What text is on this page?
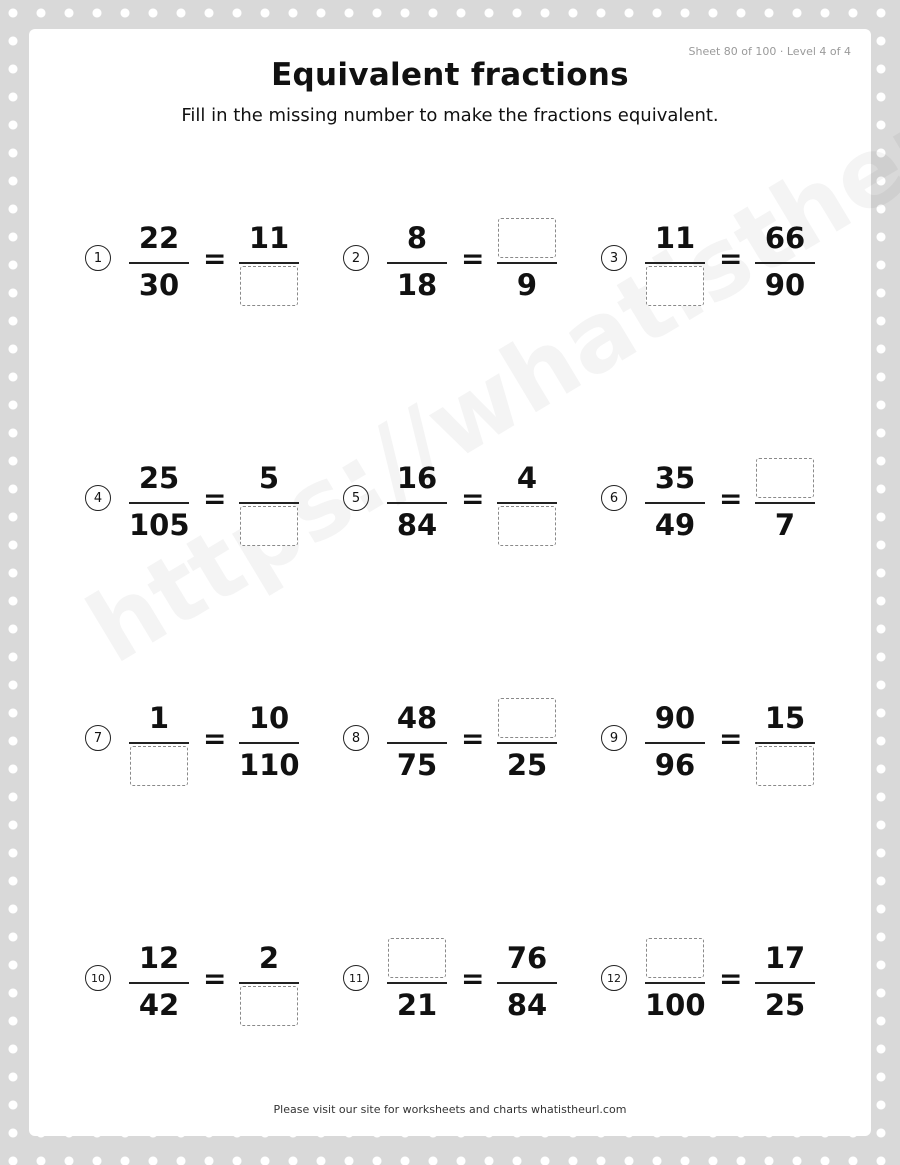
Sheet 80 of 100 · Level 4 of 4
Equivalent fractions
Fill in the missing number to make the fractions equivalent.
1
22
30
=
11
2
8
18
=
9
3
11
=
66
90
4
25
105
=
5
5
16
84
=
4
6
35
49
=
7
7
1
=
10
110
8
48
75
=
25
9
90
96
=
15
10
12
42
=
2
11
21
=
76
84
12
100
=
17
25
Please visit our site for worksheets and charts whatistheurl.com
